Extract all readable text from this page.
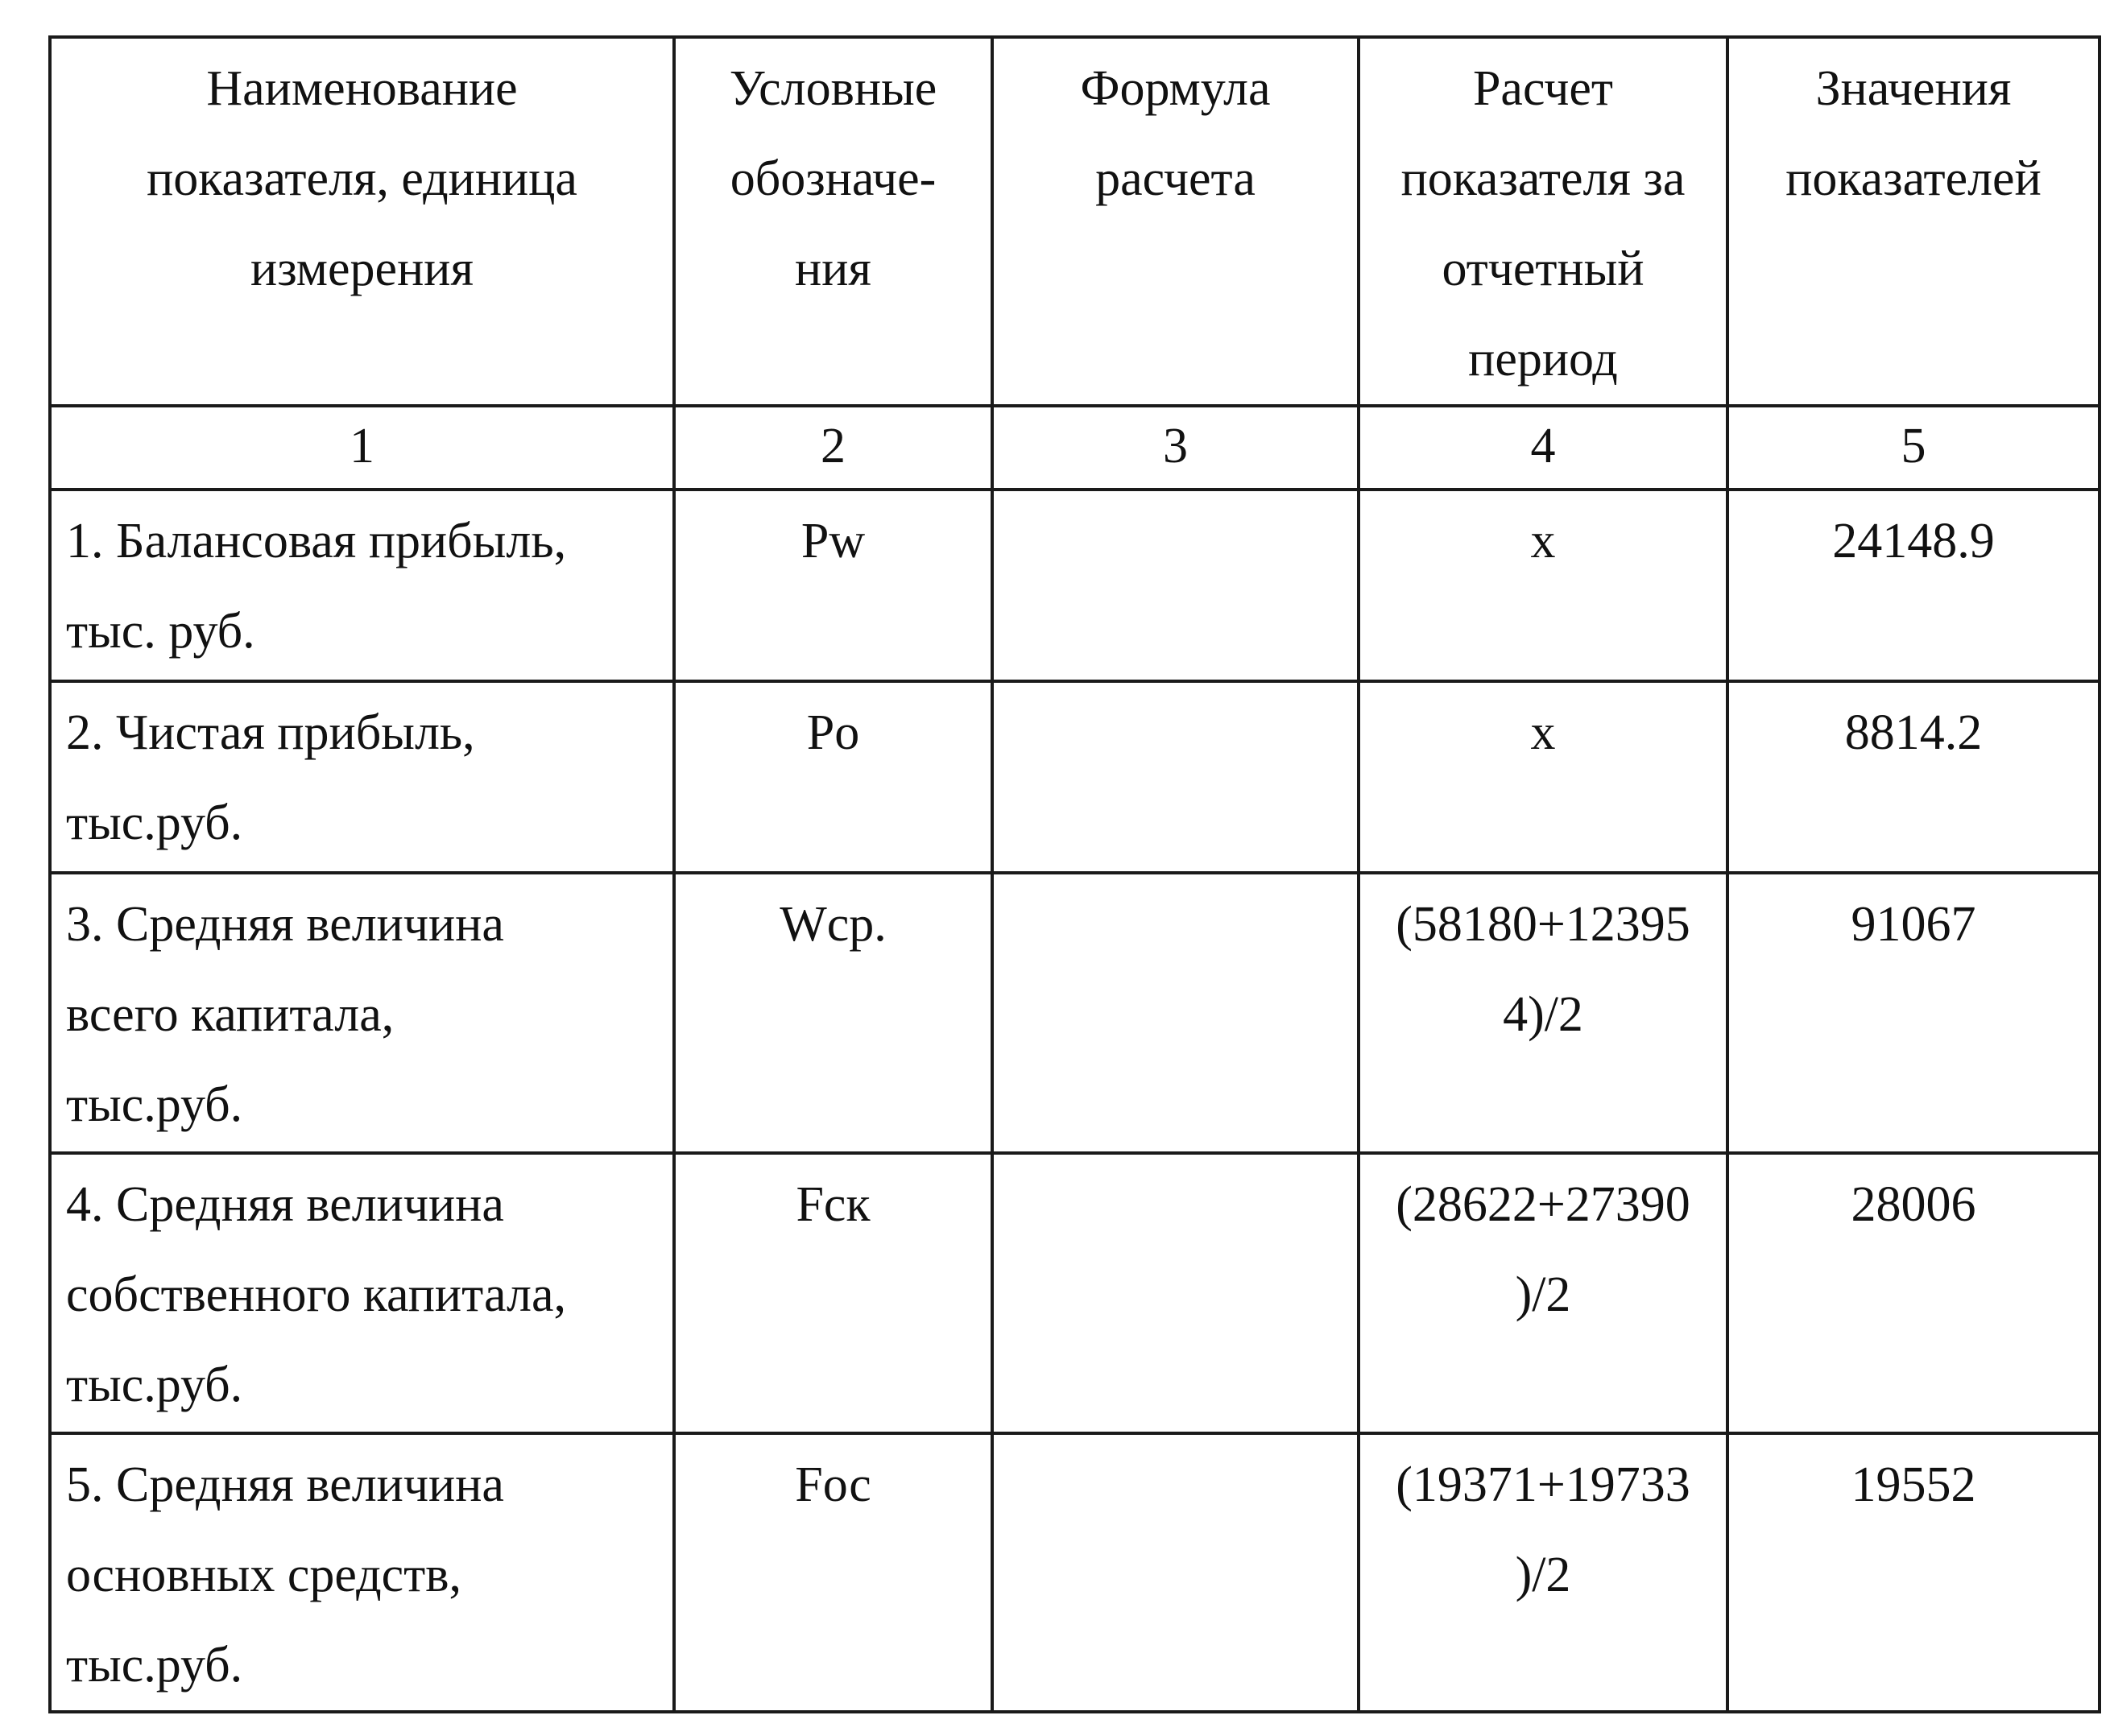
Наименование
показателя, единица
измерения	Условные
обозначе-
ния	Формула
расчета	Расчет
показателя за
отчетный
период	Значения
показателей

1	2	3	4	5

1. Балансовая прибыль,
тыс. руб.	Pw		x	24148.9

2. Чистая прибыль,
тыс.руб.	Po		x	8814.2

3. Средняя величина
всего капитала,
тыс.руб.	Wср.		(58180+12395
4)/2	91067

4. Средняя величина
собственного капитала,
тыс.руб.	Fск		(28622+27390
)/2	28006

5. Средняя величина
основных средств,
тыс.руб.	Fос		(19371+19733
)/2	19552
